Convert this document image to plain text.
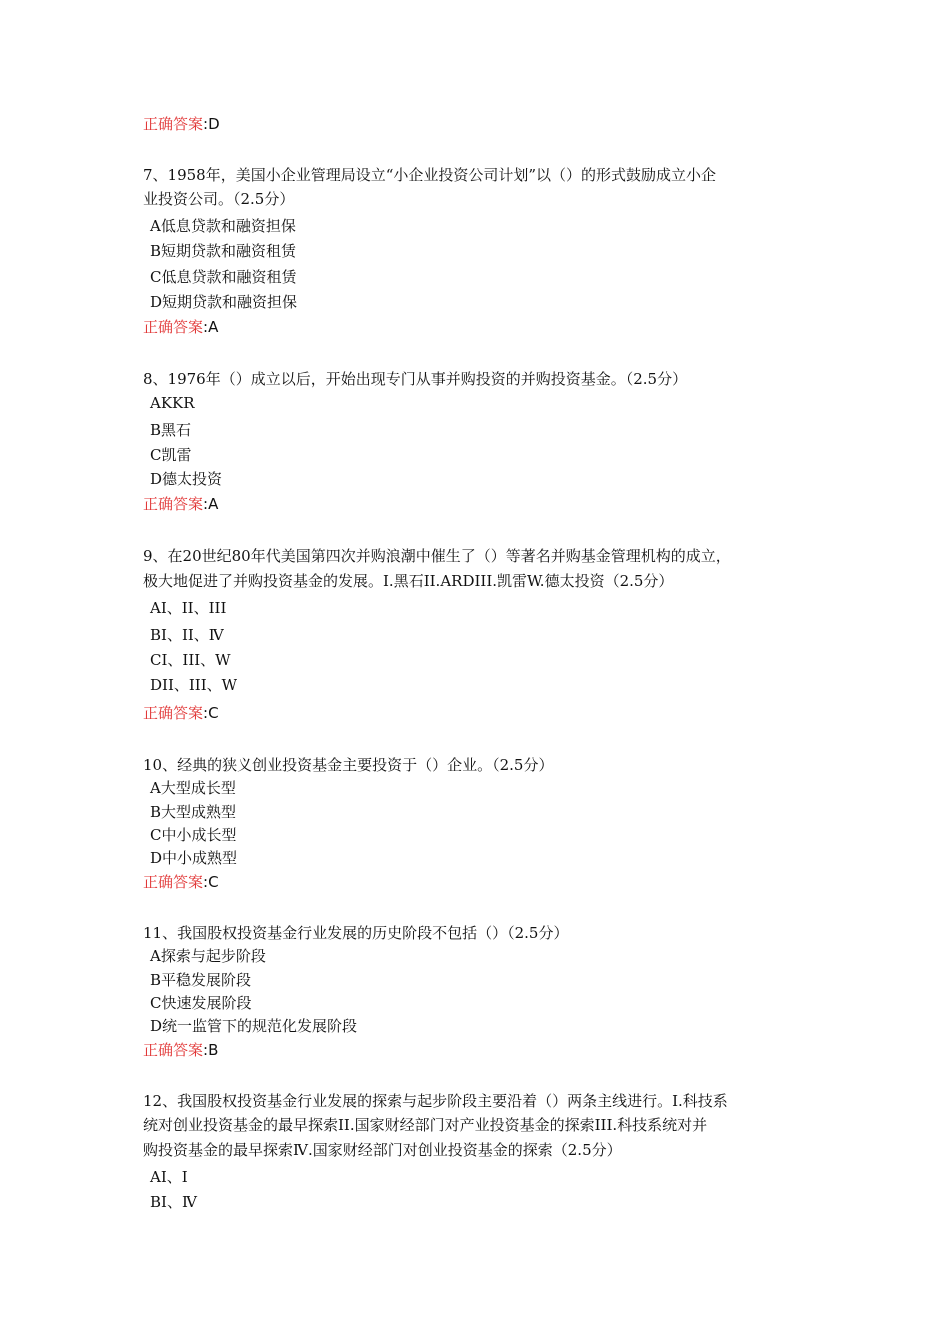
正确答案:D
7、1958年，美国小企业管理局设立“小企业投资公司计划”以（）的形式鼓励成立小企
业投资公司。（2.5分）
A低息贷款和融资担保
B短期贷款和融资租赁
C低息贷款和融资租赁
D短期贷款和融资担保
正确答案:A
8、1976年（）成立以后，开始出现专门从事并购投资的并购投资基金。（2.5分）
AKKR
B黑石
C凯雷
D德太投资
正确答案:A
9、在20世纪80年代美国第四次并购浪潮中催生了（）等著名并购基金管理机构的成立，
极大地促进了并购投资基金的发展。I.黑石II.ARDIII.凯雷W.德太投资（2.5分）
AI、II、III
BⅠ、ⅠⅠ、Ⅳ
CI、III、W
DII、III、W
正确答案:C
10、经典的狭义创业投资基金主要投资于（）企业。（2.5分）
A大型成长型
B大型成熟型
C中小成长型
D中小成熟型
正确答案:C
11、我国股权投资基金行业发展的历史阶段不包括（）（2.5分）
A探索与起步阶段
B平稳发展阶段
C快速发展阶段
D统一监管下的规范化发展阶段
正确答案:B
12、我国股权投资基金行业发展的探索与起步阶段主要沿着（）两条主线进行。I.科技系
统对创业投资基金的最早探索II.国家财经部门对产业投资基金的探索III.科技系统对并
购投资基金的最早探索Ⅳ.国家财经部门对创业投资基金的探索（2.5分）
AⅠ、Ⅰ
BⅠ、Ⅳ
